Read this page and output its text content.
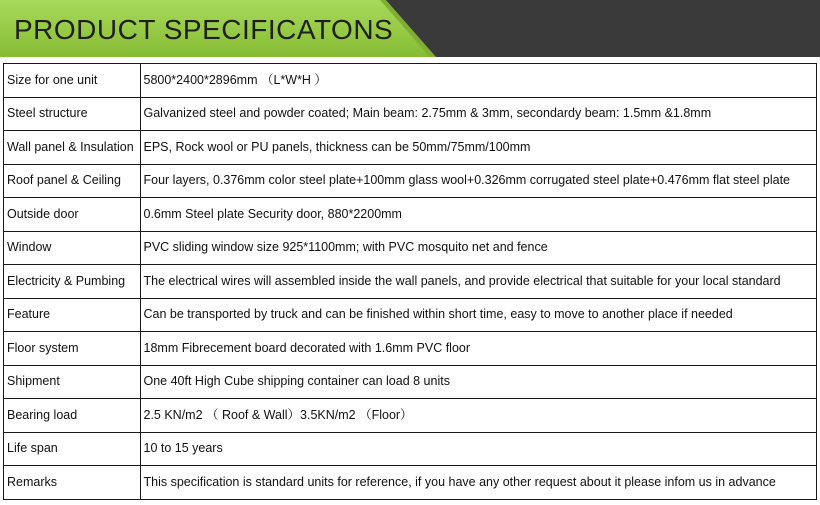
PRODUCT SPECIFICATONS
Size for one unit	5800*2400*2896mm （L*W*H ）
Steel structure	Galvanized steel and powder coated; Main beam: 2.75mm & 3mm, secondardy beam: 1.5mm &1.8mm
Wall panel & Insulation	EPS, Rock wool or PU panels, thickness can be 50mm/75mm/100mm
Roof panel & Ceiling	Four layers, 0.376mm color steel plate+100mm glass wool+0.326mm corrugated steel plate+0.476mm flat steel plate
Outside door	0.6mm Steel plate Security door, 880*2200mm
Window	PVC sliding window size 925*1100mm; with PVC mosquito net and fence
Electricity & Pumbing	The electrical wires will assembled inside the wall panels, and provide electrical that suitable for your local standard
Feature	Can be transported by truck and can be finished within short time, easy to move to another place if needed
Floor system	18mm Fibrecement board decorated with 1.6mm PVC floor
Shipment	One 40ft High Cube shipping container can load 8 units
Bearing load	2.5 KN/m2 （ Roof & Wall）3.5KN/m2 （Floor）
Life span	10 to 15 years
Remarks	This specification is standard units for reference, if you have any other request about it please infom us in advance
